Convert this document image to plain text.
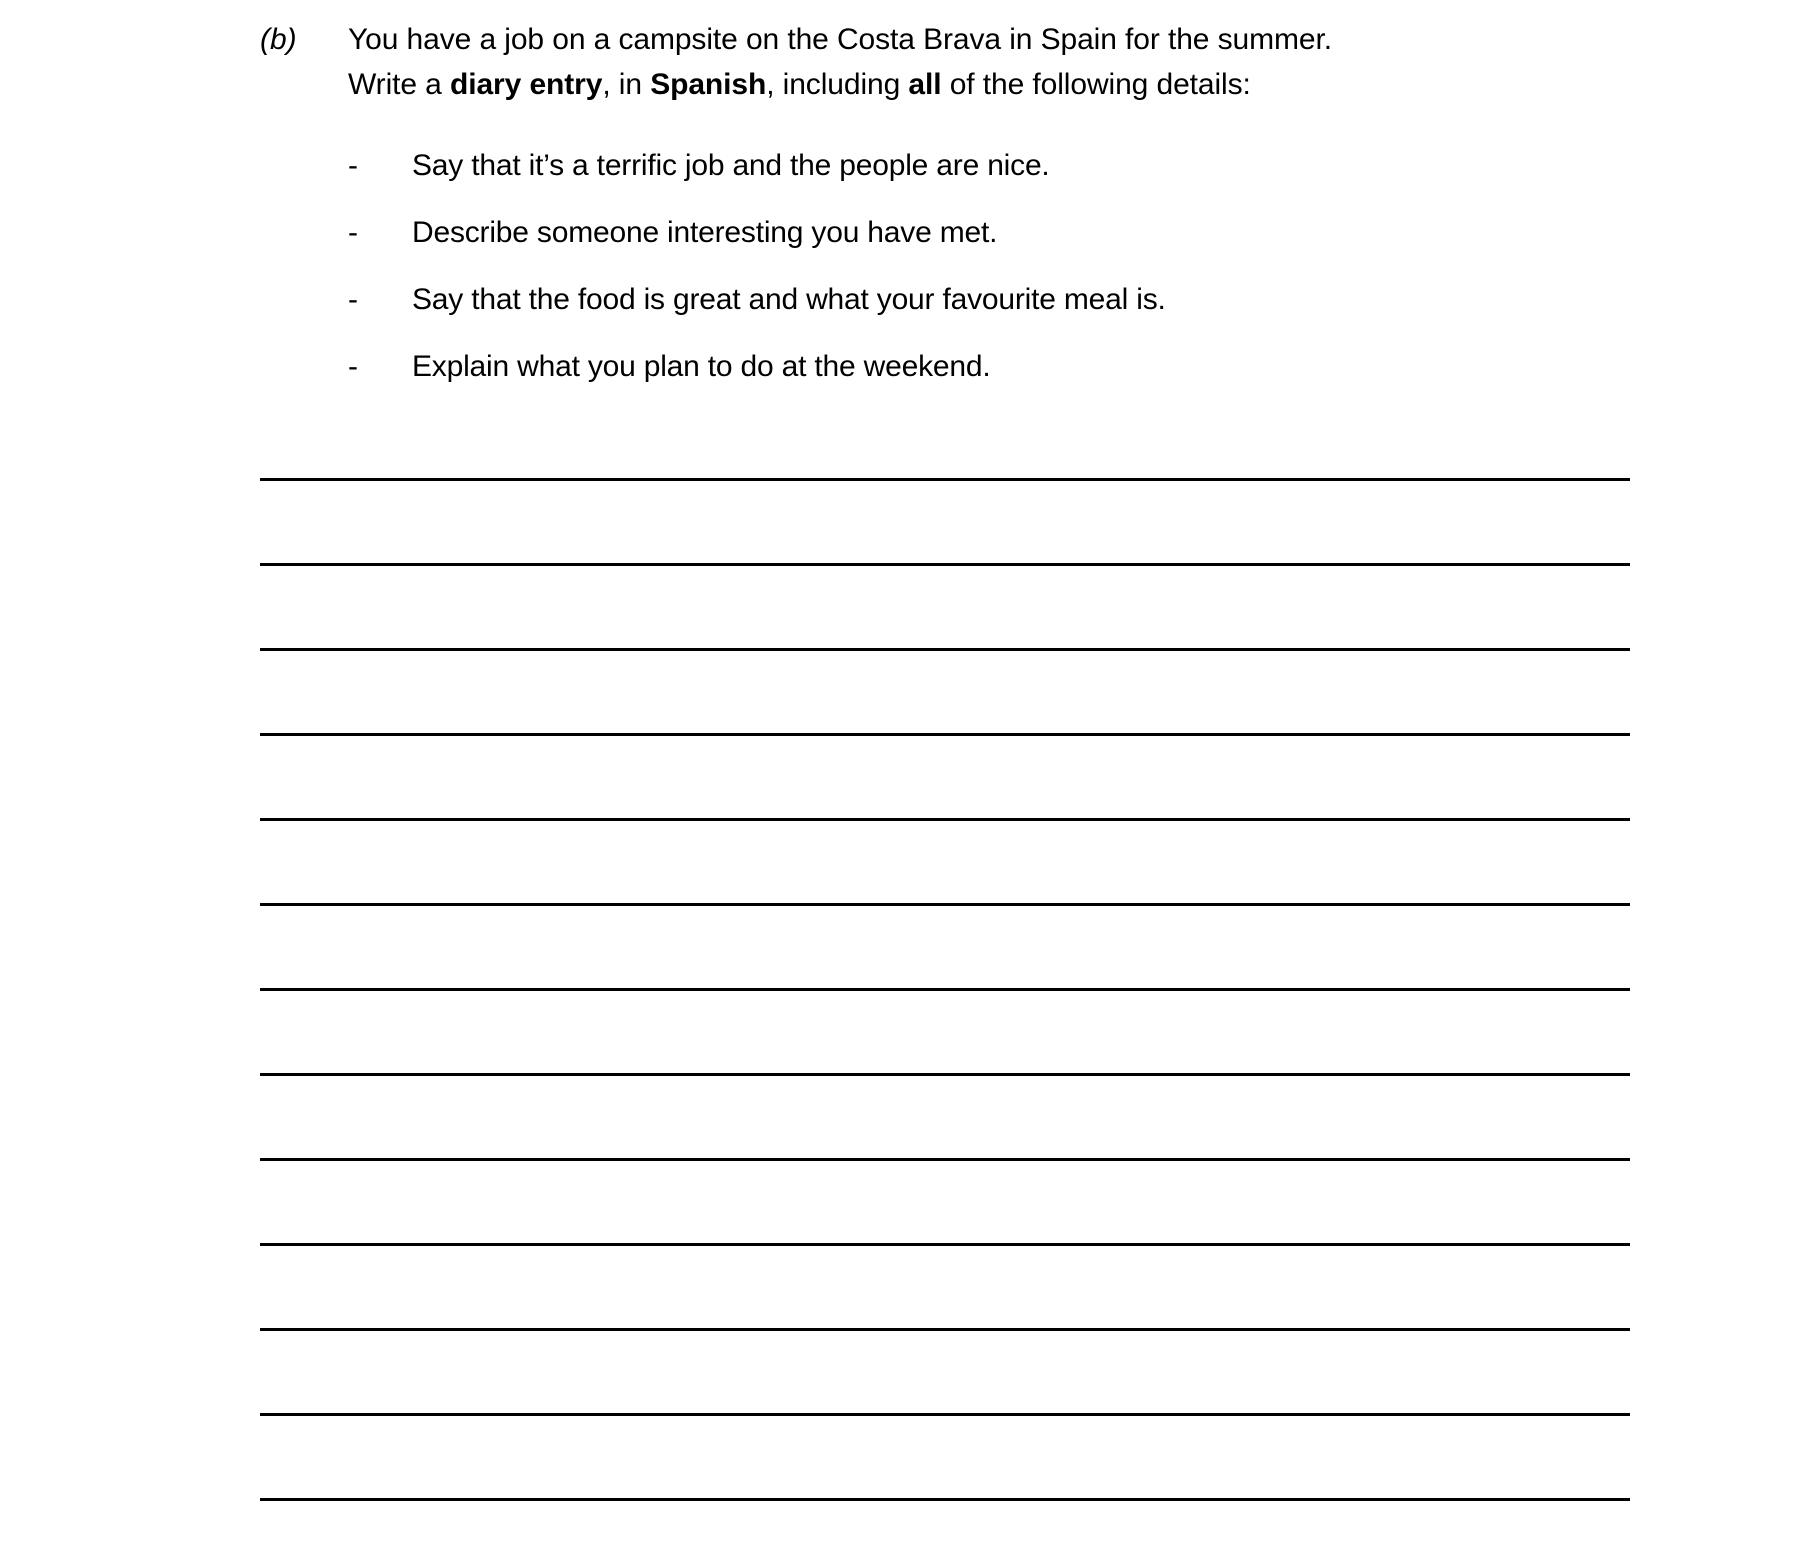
(b) You have a job on a campsite on the Costa Brava in Spain for the summer.
Write a diary entry, in Spanish, including all of the following details:
-	Say that it’s a terrific job and the people are nice.
-	Describe someone interesting you have met.
-	Say that the food is great and what your favourite meal is.
-	Explain what you plan to do at the weekend.
